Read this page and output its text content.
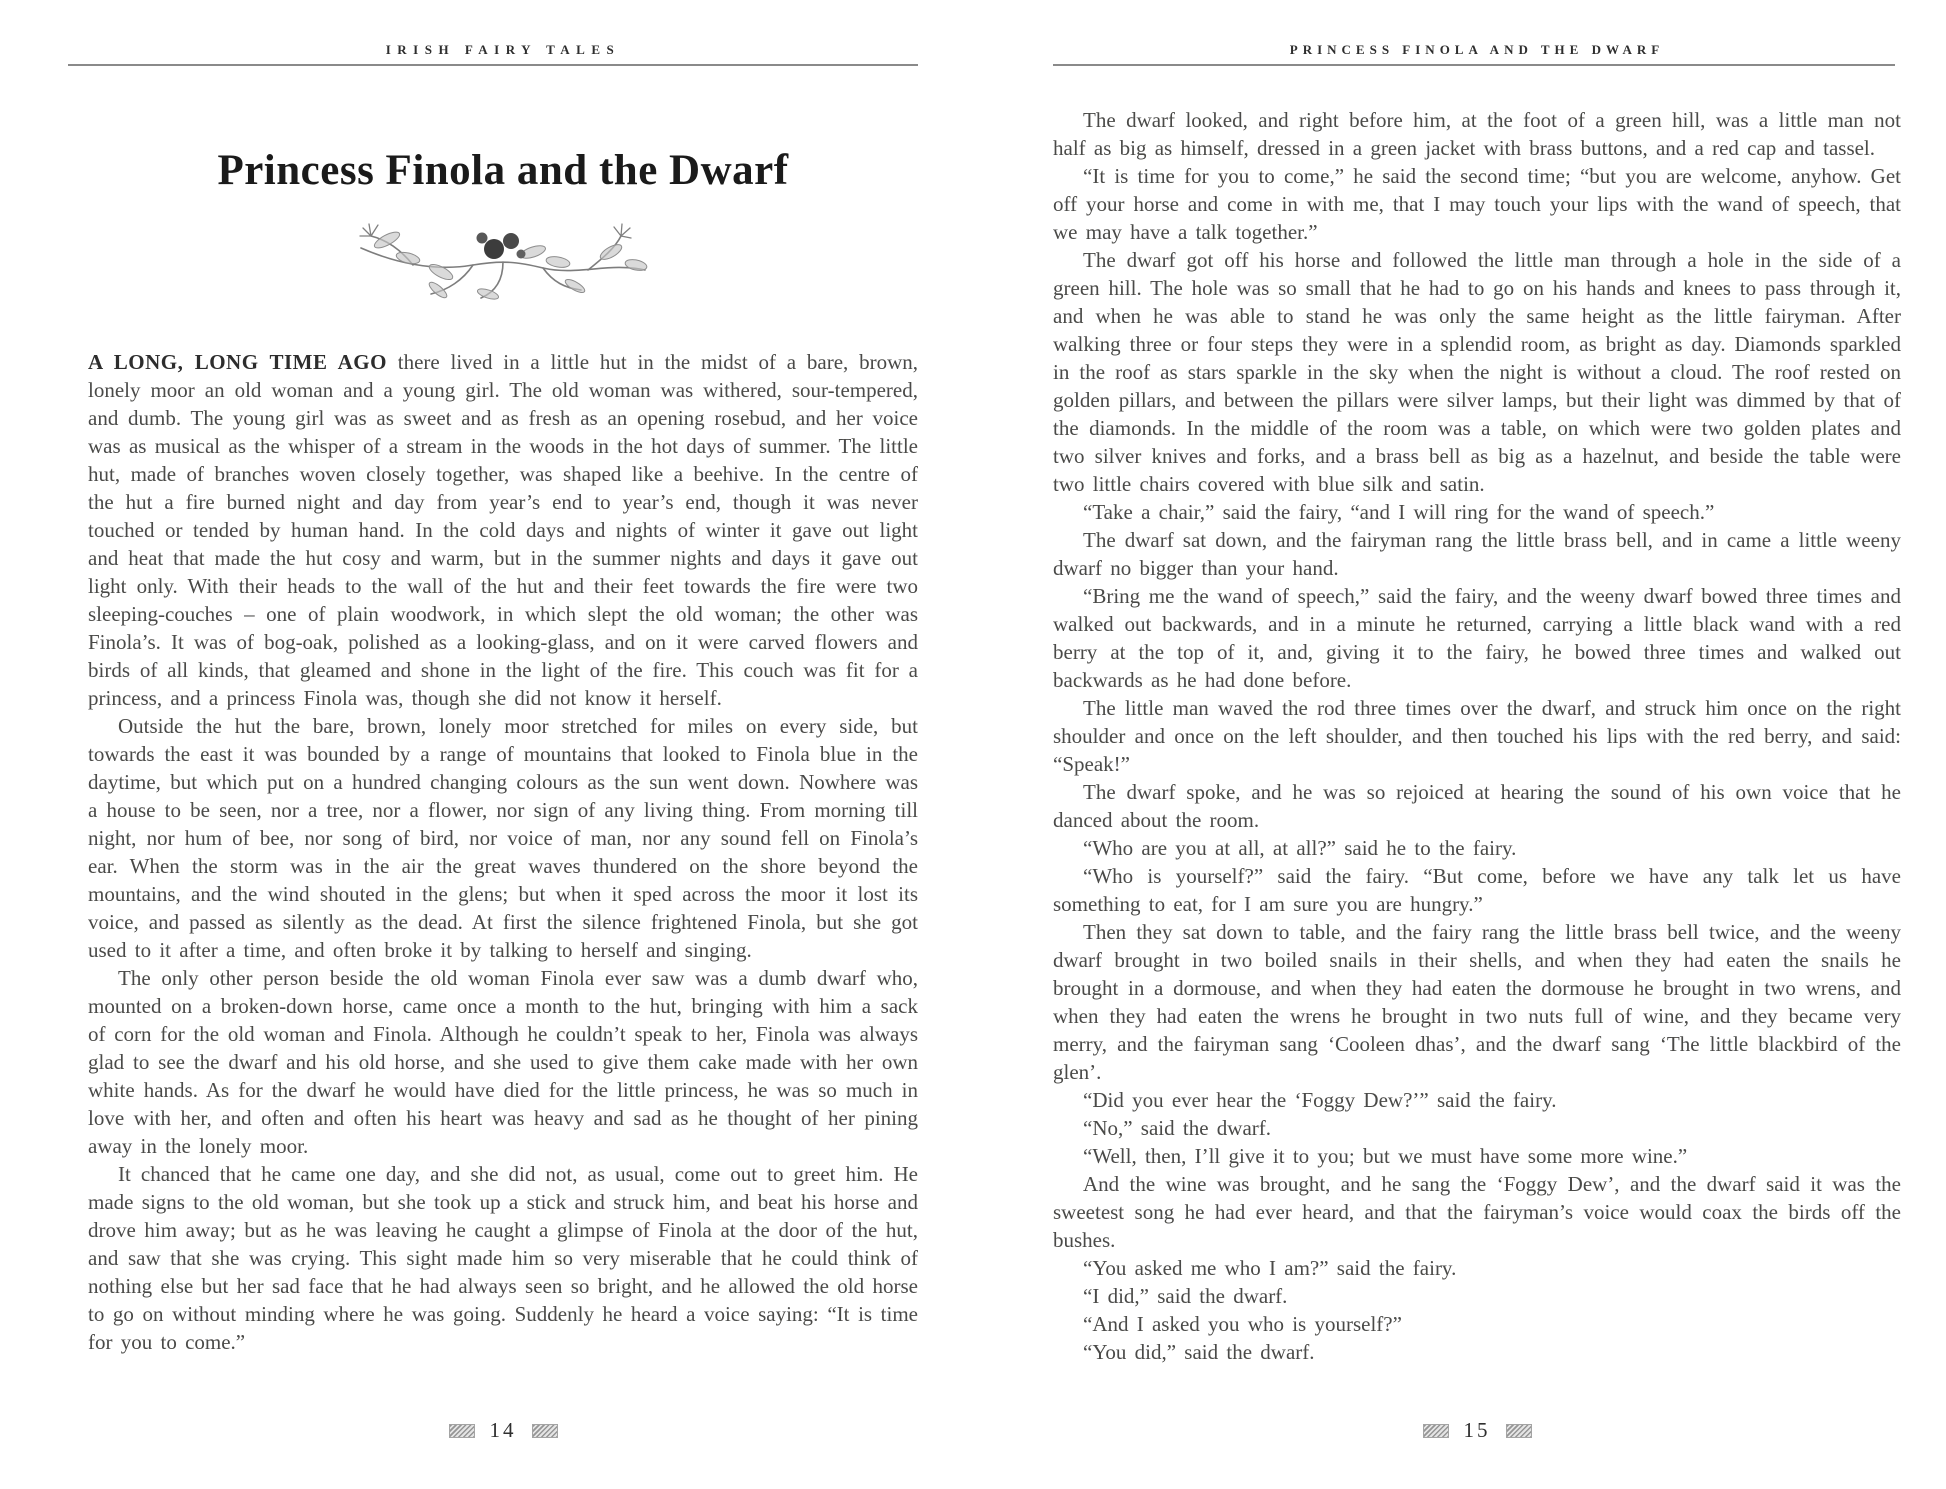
IRISH FAIRY TALES
Princess Finola and the Dwarf

A LONG, LONG TIME AGO there lived in a little hut in the midst of a bare, brown, lonely moor an old woman and a young girl. The old woman was withered, sour-tempered, and dumb. The young girl was as sweet and as fresh as an opening rosebud, and her voice was as musical as the whisper of a stream in the woods in the hot days of summer. The little hut, made of branches woven closely together, was shaped like a beehive. In the centre of the hut a fire burned night and day from year’s end to year’s end, though it was never touched or tended by human hand. In the cold days and nights of winter it gave out light and heat that made the hut cosy and warm, but in the summer nights and days it gave out light only. With their heads to the wall of the hut and their feet towards the fire were two sleeping-couches – one of plain woodwork, in which slept the old woman; the other was Finola’s. It was of bog-oak, polished as a looking-glass, and on it were carved flowers and birds of all kinds, that gleamed and shone in the light of the fire. This couch was fit for a princess, and a princess Finola was, though she did not know it herself.

Outside the hut the bare, brown, lonely moor stretched for miles on every side, but towards the east it was bounded by a range of mountains that looked to Finola blue in the daytime, but which put on a hundred changing colours as the sun went down. Nowhere was a house to be seen, nor a tree, nor a flower, nor sign of any living thing. From morning till night, nor hum of bee, nor song of bird, nor voice of man, nor any sound fell on Finola’s ear. When the storm was in the air the great waves thundered on the shore beyond the mountains, and the wind shouted in the glens; but when it sped across the moor it lost its voice, and passed as silently as the dead. At first the silence frightened Finola, but she got used to it after a time, and often broke it by talking to herself and singing.

The only other person beside the old woman Finola ever saw was a dumb dwarf who, mounted on a broken-down horse, came once a month to the hut, bringing with him a sack of corn for the old woman and Finola. Although he couldn’t speak to her, Finola was always glad to see the dwarf and his old horse, and she used to give them cake made with her own white hands. As for the dwarf he would have died for the little princess, he was so much in love with her, and often and often his heart was heavy and sad as he thought of her pining away in the lonely moor.

It chanced that he came one day, and she did not, as usual, come out to greet him. He made signs to the old woman, but she took up a stick and struck him, and beat his horse and drove him away; but as he was leaving he caught a glimpse of Finola at the door of the hut, and saw that she was crying. This sight made him so very miserable that he could think of nothing else but her sad face that he had always seen so bright, and he allowed the old horse to go on without minding where he was going. Suddenly he heard a voice saying: “It is time for you to come.”

14
PRINCESS FINOLA AND THE DWARF

The dwarf looked, and right before him, at the foot of a green hill, was a little man not half as big as himself, dressed in a green jacket with brass buttons, and a red cap and tassel.

“It is time for you to come,” he said the second time; “but you are welcome, anyhow. Get off your horse and come in with me, that I may touch your lips with the wand of speech, that we may have a talk together.”

The dwarf got off his horse and followed the little man through a hole in the side of a green hill. The hole was so small that he had to go on his hands and knees to pass through it, and when he was able to stand he was only the same height as the little fairyman. After walking three or four steps they were in a splendid room, as bright as day. Diamonds sparkled in the roof as stars sparkle in the sky when the night is without a cloud. The roof rested on golden pillars, and between the pillars were silver lamps, but their light was dimmed by that of the diamonds. In the middle of the room was a table, on which were two golden plates and two silver knives and forks, and a brass bell as big as a hazelnut, and beside the table were two little chairs covered with blue silk and satin.

“Take a chair,” said the fairy, “and I will ring for the wand of speech.”

The dwarf sat down, and the fairyman rang the little brass bell, and in came a little weeny dwarf no bigger than your hand.

“Bring me the wand of speech,” said the fairy, and the weeny dwarf bowed three times and walked out backwards, and in a minute he returned, carrying a little black wand with a red berry at the top of it, and, giving it to the fairy, he bowed three times and walked out backwards as he had done before.

The little man waved the rod three times over the dwarf, and struck him once on the right shoulder and once on the left shoulder, and then touched his lips with the red berry, and said: “Speak!”

The dwarf spoke, and he was so rejoiced at hearing the sound of his own voice that he danced about the room.

“Who are you at all, at all?” said he to the fairy.

“Who is yourself?” said the fairy. “But come, before we have any talk let us have something to eat, for I am sure you are hungry.”

Then they sat down to table, and the fairy rang the little brass bell twice, and the weeny dwarf brought in two boiled snails in their shells, and when they had eaten the snails he brought in a dormouse, and when they had eaten the dormouse he brought in two wrens, and when they had eaten the wrens he brought in two nuts full of wine, and they became very merry, and the fairyman sang ‘Cooleen dhas’, and the dwarf sang ‘The little blackbird of the glen’.

“Did you ever hear the ‘Foggy Dew?’” said the fairy.

“No,” said the dwarf.

“Well, then, I’ll give it to you; but we must have some more wine.”

And the wine was brought, and he sang the ‘Foggy Dew’, and the dwarf said it was the sweetest song he had ever heard, and that the fairyman’s voice would coax the birds off the bushes.

“You asked me who I am?” said the fairy.

“I did,” said the dwarf.

“And I asked you who is yourself?”

“You did,” said the dwarf.

15
